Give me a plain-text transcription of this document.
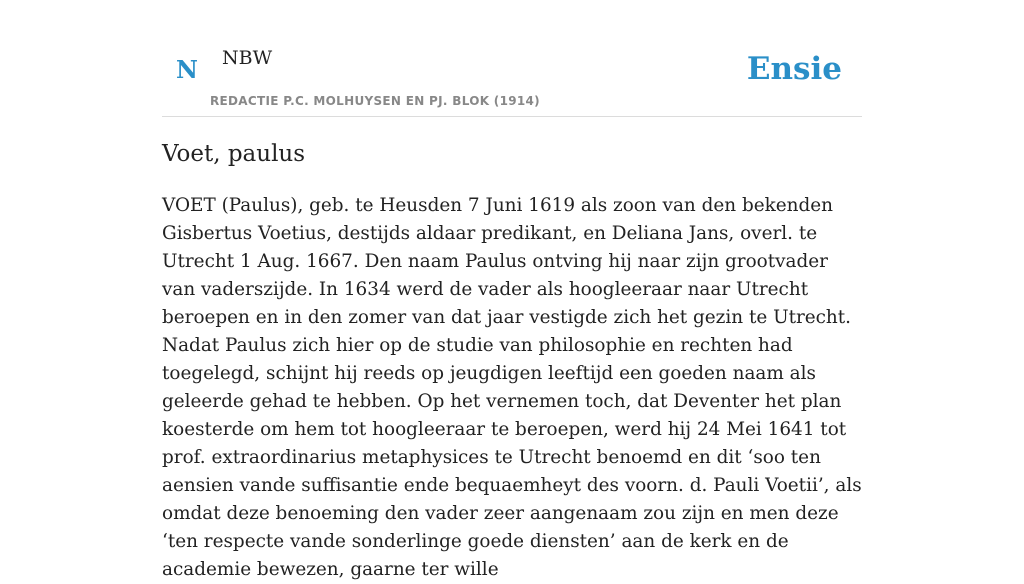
N NBW
REDACTIE P.C. MOLHUYSEN EN PJ. BLOK (1914)
Ensie
Voet, paulus

VOET (Paulus), geb. te Heusden 7 Juni 1619 als zoon van den bekenden Gisbertus Voetius, destijds aldaar predikant, en Deliana Jans, overl. te Utrecht 1 Aug. 1667. Den naam Paulus ontving hij naar zijn grootvader van vaderszijde. In 1634 werd de vader als hoogleeraar naar Utrecht beroepen en in den zomer van dat jaar vestigde zich het gezin te Utrecht. Nadat Paulus zich hier op de studie van philosophie en rechten had toegelegd, schijnt hij reeds op jeugdigen leeftijd een goeden naam als geleerde gehad te hebben. Op het vernemen toch, dat Deventer het plan koesterde om hem tot hoogleeraar te beroepen, werd hij 24 Mei 1641 tot prof. extraordinarius metaphysices te Utrecht benoemd en dit ‘soo ten aensien vande suffisantie ende bequaemheyt des voorn. d. Pauli Voetii’, als omdat deze benoeming den vader zeer aangenaam zou zijn en men deze ‘ten respecte vande sonderlinge goede diensten’ aan de kerk en de academie bewezen, gaarne ter wille
